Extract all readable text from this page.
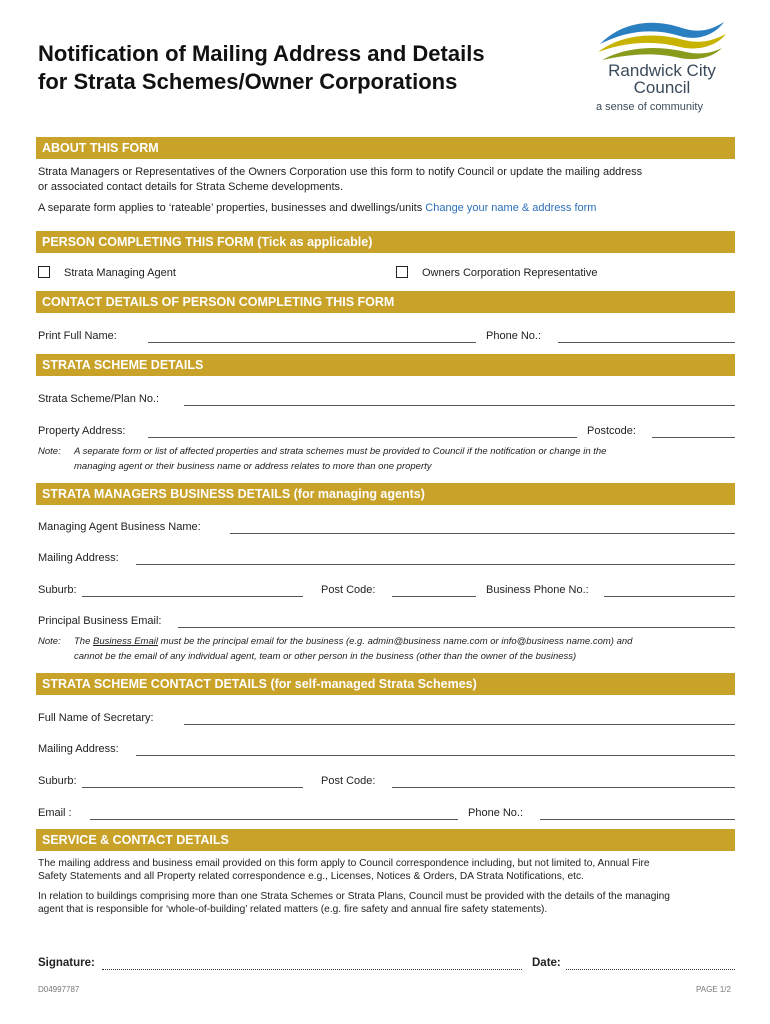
Notification of Mailing Address and Details
for Strata Schemes/Owner Corporations	Randwick City
Council
a sense of community
ABOUT THIS FORM
Strata Managers or Representatives of the Owners Corporation use this form to notify Council or update the mailing address
or associated contact details for Strata Scheme developments.
A separate form applies to ‘rateable’ properties, businesses and dwellings/units Change your name & address form
PERSON COMPLETING THIS FORM (Tick as applicable)
Strata Managing Agent	Owners Corporation Representative
CONTACT DETAILS OF PERSON COMPLETING THIS FORM
Print Full Name:	Phone No.:
STRATA SCHEME DETAILS
Strata Scheme/Plan No.:
Property Address:	Postcode:
Note: A separate form or list of affected properties and strata schemes must be provided to Council if the notification or change in the
managing agent or their business name or address relates to more than one property
STRATA MANAGERS BUSINESS DETAILS (for managing agents)
Managing Agent Business Name:
Mailing Address:
Suburb:	Post Code:	Business Phone No.:
Principal Business Email:
Note: The Business Email must be the principal email for the business (e.g. admin@business name.com or info@business name.com) and
cannot be the email of any individual agent, team or other person in the business (other than the owner of the business)
STRATA SCHEME CONTACT DETAILS (for self-managed Strata Schemes)
Full Name of Secretary:
Mailing Address:
Suburb:	Post Code:
Email :	Phone No.:
SERVICE & CONTACT DETAILS
The mailing address and business email provided on this form apply to Council correspondence including, but not limited to, Annual Fire
Safety Statements and all Property related correspondence e.g., Licenses, Notices & Orders, DA Strata Notifications, etc.
In relation to buildings comprising more than one Strata Schemes or Strata Plans, Council must be provided with the details of the managing
agent that is responsible for ‘whole-of-building’ related matters (e.g. fire safety and annual fire safety statements).
Signature:	Date:
D04997787	PAGE 1/2
